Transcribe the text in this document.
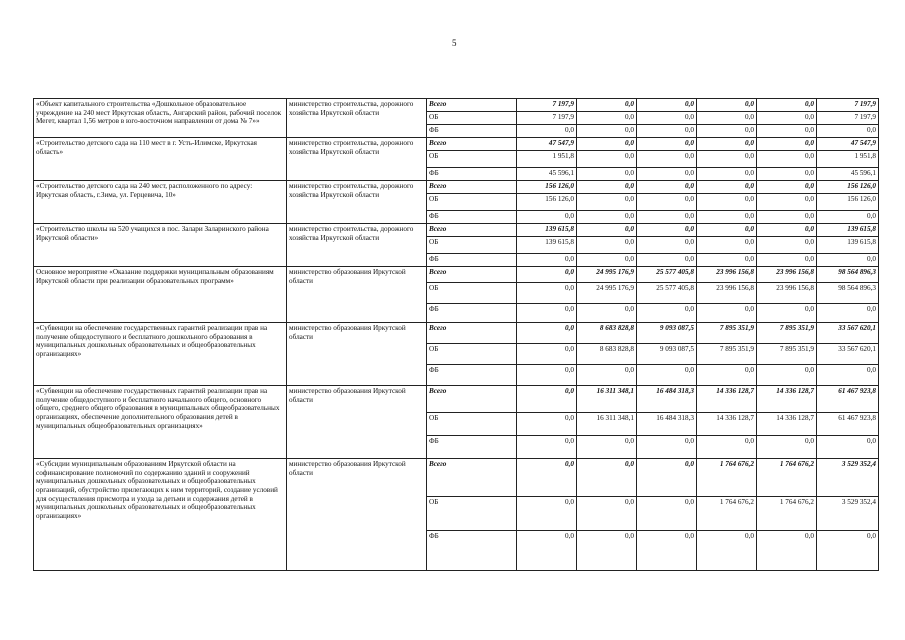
5
«Объект капитального строительства «Дошкольное образовательное учреждение на 240 мест Иркутская область, Ангарский район, рабочий поселок Мегет, квартал 1,56 метров в юго-восточном направлении от дома № 7»»	министерство строительства, дорожного хозяйства Иркутской области	Всего	7 197,9	0,0	0,0	0,0	0,0	7 197,9
		ОБ	7 197,9	0,0	0,0	0,0	0,0	7 197,9
		ФБ	0,0	0,0	0,0	0,0	0,0	0,0
«Строительство детского сада на 110 мест в г. Усть-Илимске, Иркутская область»	министерство строительства, дорожного хозяйства Иркутской области	Всего	47 547,9	0,0	0,0	0,0	0,0	47 547,9
		ОБ	1 951,8	0,0	0,0	0,0	0,0	1 951,8
		ФБ	45 596,1	0,0	0,0	0,0	0,0	45 596,1
«Строительство детского сада на 240 мест, расположенного по адресу: Иркутская область, г.Зима, ул. Герцевича, 10»	министерство строительства, дорожного хозяйства Иркутской области	Всего	156 126,0	0,0	0,0	0,0	0,0	156 126,0
		ОБ	156 126,0	0,0	0,0	0,0	0,0	156 126,0
		ФБ	0,0	0,0	0,0	0,0	0,0	0,0
«Строительство школы на 520 учащихся в пос. Залари Заларинского района Иркутской области»	министерство строительства, дорожного хозяйства Иркутской области	Всего	139 615,8	0,0	0,0	0,0	0,0	139 615,8
		ОБ	139 615,8	0,0	0,0	0,0	0,0	139 615,8
		ФБ	0,0	0,0	0,0	0,0	0,0	0,0
Основное мероприятие «Оказание поддержки муниципальным образованиям Иркутской области при реализации образовательных программ»	министерство образования Иркутской области	Всего	0,0	24 995 176,9	25 577 405,8	23 996 156,8	23 996 156,8	98 564 896,3
		ОБ	0,0	24 995 176,9	25 577 405,8	23 996 156,8	23 996 156,8	98 564 896,3
		ФБ	0,0	0,0	0,0	0,0	0,0	0,0
«Субвенции на обеспечение государственных гарантий реализации прав на получение общедоступного и бесплатного дошкольного образования в муниципальных дошкольных образовательных и общеобразовательных организациях»	министерство образования Иркутской области	Всего	0,0	8 683 828,8	9 093 087,5	7 895 351,9	7 895 351,9	33 567 620,1
		ОБ	0,0	8 683 828,8	9 093 087,5	7 895 351,9	7 895 351,9	33 567 620,1
		ФБ	0,0	0,0	0,0	0,0	0,0	0,0
«Субвенции на обеспечение государственных гарантий реализации прав на получение общедоступного и бесплатного начального общего, основного общего, среднего общего образования в муниципальных общеобразовательных организациях, обеспечение дополнительного образования детей в муниципальных общеобразовательных организациях»	министерство образования Иркутской области	Всего	0,0	16 311 348,1	16 484 318,3	14 336 128,7	14 336 128,7	61 467 923,8
		ОБ	0,0	16 311 348,1	16 484 318,3	14 336 128,7	14 336 128,7	61 467 923,8
		ФБ	0,0	0,0	0,0	0,0	0,0	0,0
«Субсидии муниципальным образованиям Иркутской области на софинансирование полномочий по содержанию зданий и сооружений муниципальных дошкольных образовательных и общеобразовательных организаций, обустройство прилегающих к ним территорий, создание условий для осуществления присмотра и ухода за детьми и содержания детей в муниципальных дошкольных образовательных и общеобразовательных организациях»	министерство образования Иркутской области	Всего	0,0	0,0	0,0	1 764 676,2	1 764 676,2	3 529 352,4
		ОБ	0,0	0,0	0,0	1 764 676,2	1 764 676,2	3 529 352,4
		ФБ	0,0	0,0	0,0	0,0	0,0	0,0
